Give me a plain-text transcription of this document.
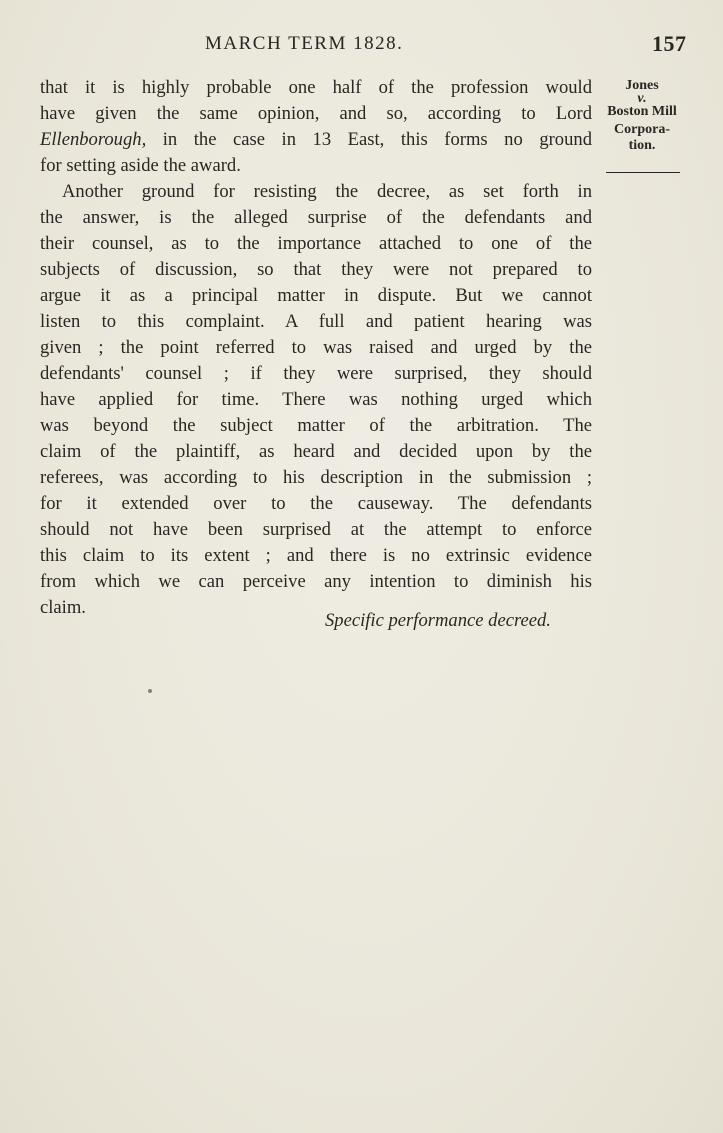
MARCH TERM 1828.	157
Jones
v.
Boston Mill
Corpora-
tion.
that it is highly probable one half of the profession would
have given the same opinion, and so, according to Lord
Ellenborough, in the case in 13 East, this forms no ground
for setting aside the award.
Another ground for resisting the decree, as set forth in
the answer, is the alleged surprise of the defendants and
their counsel, as to the importance attached to one of the
subjects of discussion, so that they were not prepared to
argue it as a principal matter in dispute. But we cannot
listen to this complaint. A full and patient hearing was
given ; the point referred to was raised and urged by the
defendants' counsel ; if they were surprised, they should
have applied for time. There was nothing urged which
was beyond the subject matter of the arbitration. The
claim of the plaintiff, as heard and decided upon by the
referees, was according to his description in the submission ;
for it extended over to the causeway. The defendants
should not have been surprised at the attempt to enforce
this claim to its extent ; and there is no extrinsic evidence
from which we can perceive any intention to diminish his
claim.
Specific performance decreed.
